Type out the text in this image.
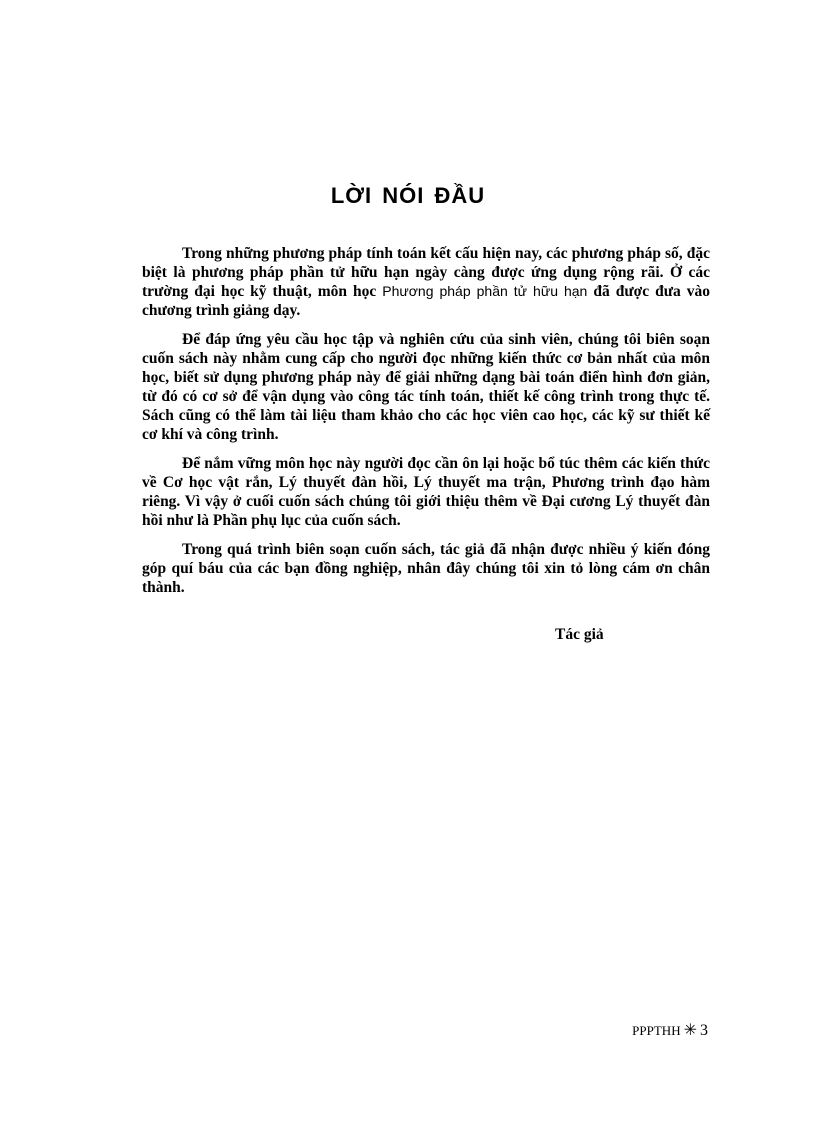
LỜI NÓI ĐẦU

Trong những phương pháp tính toán kết cấu hiện nay, các phương pháp số, đặc biệt là phương pháp phần tử hữu hạn ngày càng được ứng dụng rộng rãi. Ở các trường đại học kỹ thuật, môn học Phương pháp phần tử hữu hạn đã được đưa vào chương trình giảng dạy.

Để đáp ứng yêu cầu học tập và nghiên cứu của sinh viên, chúng tôi biên soạn cuốn sách này nhằm cung cấp cho người đọc những kiến thức cơ bản nhất của môn học, biết sử dụng phương pháp này để giải những dạng bài toán điển hình đơn giản, từ đó có cơ sở để vận dụng vào công tác tính toán, thiết kế công trình trong thực tế. Sách cũng có thể làm tài liệu tham khảo cho các học viên cao học, các kỹ sư thiết kế cơ khí và công trình.

Để nắm vững môn học này người đọc cần ôn lại hoặc bổ túc thêm các kiến thức về Cơ học vật rắn, Lý thuyết đàn hồi, Lý thuyết ma trận, Phương trình đạo hàm riêng. Vì vậy ở cuối cuốn sách chúng tôi giới thiệu thêm về Đại cương Lý thuyết đàn hồi như là Phần phụ lục của cuốn sách.

Trong quá trình biên soạn cuốn sách, tác giả đã nhận được nhiều ý kiến đóng góp quí báu của các bạn đồng nghiệp, nhân đây chúng tôi xin tỏ lòng cám ơn chân thành.

Tác giả

PPPTHH ✳ 3
